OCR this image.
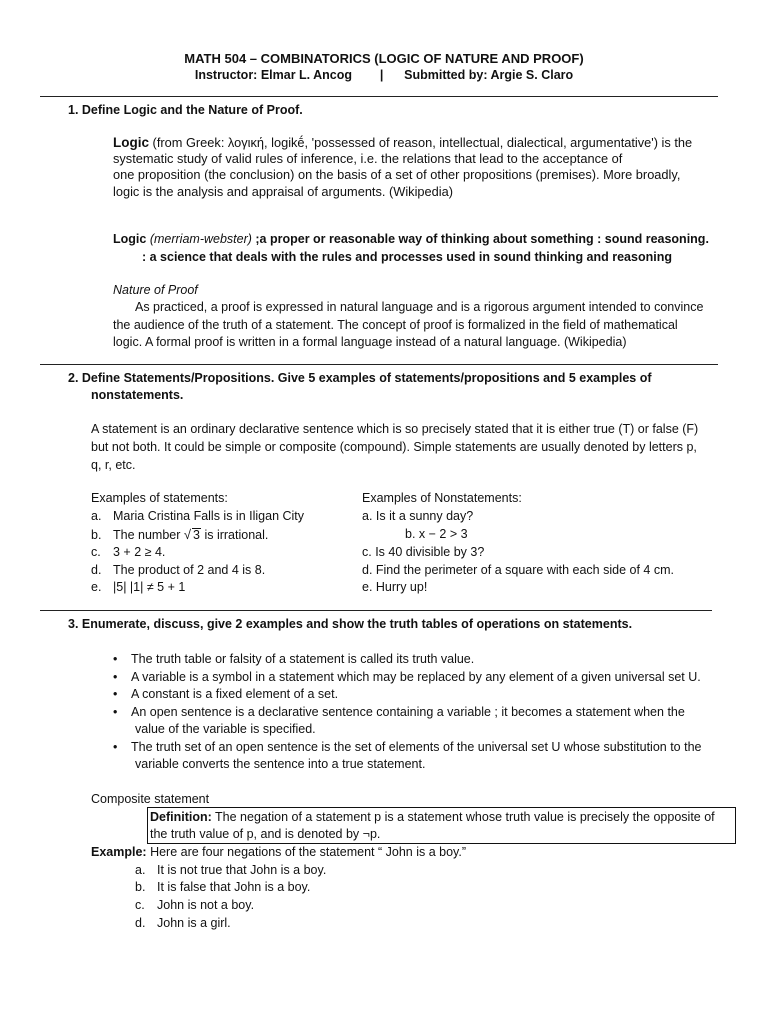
MATH 504 – COMBINATORICS (LOGIC OF NATURE AND PROOF)
Instructor: Elmar L. Ancog        |      Submitted by: Argie S. Claro
1. Define Logic and the Nature of Proof.
Logic (from Greek: λογική, logikḗ, 'possessed of reason, intellectual, dialectical, argumentative') is the
systematic study of valid rules of inference, i.e. the relations that lead to the acceptance of
one proposition (the conclusion) on the basis of a set of other propositions (premises). More broadly,
logic is the analysis and appraisal of arguments. (Wikipedia)
Logic (merriam-webster) ;a proper or reasonable way of thinking about something : sound reasoning.
: a science that deals with the rules and processes used in sound thinking and reasoning
Nature of Proof
As practiced, a proof is expressed in natural language and is a rigorous argument intended to convince
the audience of the truth of a statement. The concept of proof is formalized in the field of mathematical
logic. A formal proof is written in a formal language instead of a natural language. (Wikipedia)
2. Define Statements/Propositions. Give 5 examples of statements/propositions and 5 examples of
nonstatements.
A statement is an ordinary declarative sentence which is so precisely stated that it is either true (T) or false (F)
but not both. It could be simple or composite (compound). Simple statements are usually denoted by letters p,
q, r, etc.
Examples of statements:
a. Maria Cristina Falls is in Iligan City
b. The number √ 3 is irrational.
c. 3 + 2 ≥ 4.
d. The product of 2 and 4 is 8.
e. |5| |1| ≠ 5 + 1
Examples of Nonstatements:
a. Is it a sunny day?
b. x − 2 > 3
c. Is 40 divisible by 3?
d. Find the perimeter of a square with each side of 4 cm.
e. Hurry up!
3. Enumerate, discuss, give 2 examples and show the truth tables of operations on statements.
• The truth table or falsity of a statement is called its truth value.
• A variable is a symbol in a statement which may be replaced by any element of a given universal set U.
• A constant is a fixed element of a set.
• An open sentence is a declarative sentence containing a variable ; it becomes a statement when the
value of the variable is specified.
• The truth set of an open sentence is the set of elements of the universal set U whose substitution to the
variable converts the sentence into a true statement.
Composite statement
Definition: The negation of a statement p is a statement whose truth value is precisely the opposite of
the truth value of p, and is denoted by ¬p.
Example: Here are four negations of the statement “ John is a boy.”
a. It is not true that John is a boy.
b. It is false that John is a boy.
c. John is not a boy.
d. John is a girl.
